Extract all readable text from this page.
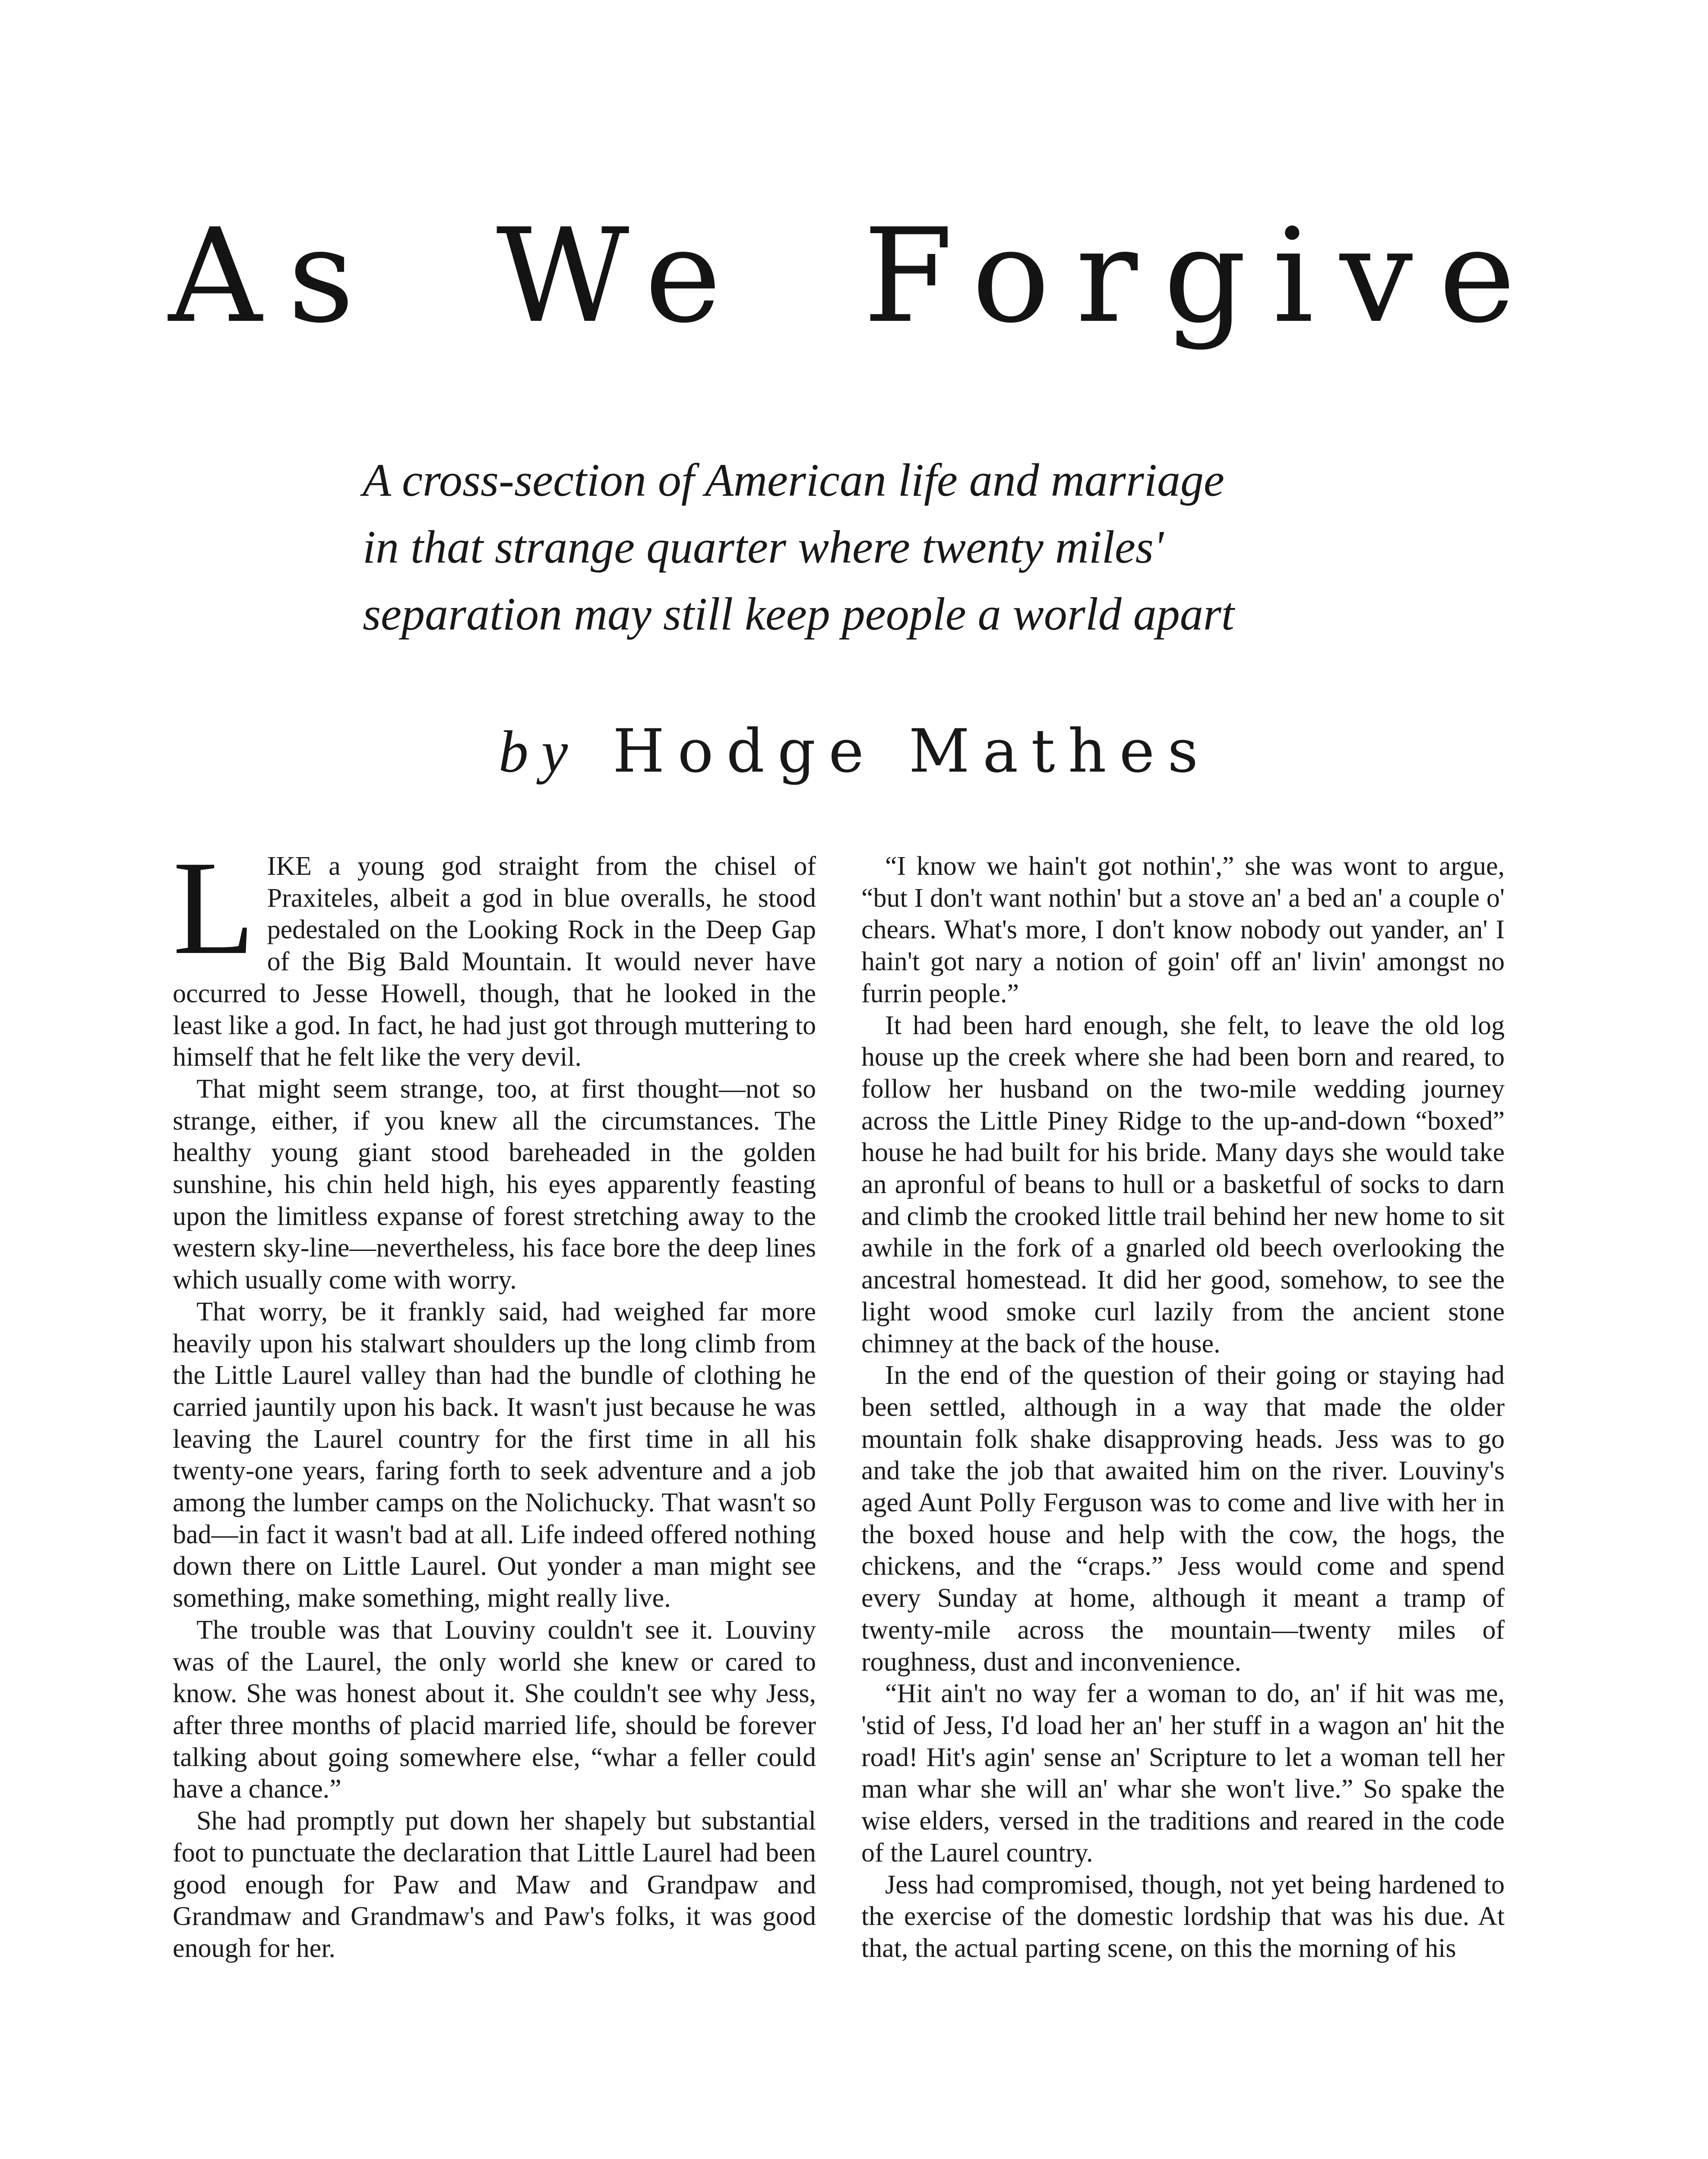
As We Forgive
A cross-section of American life and marriage
in that strange quarter where twenty miles'
separation may still keep people a world apart
by Hodge Mathes

LIKE a young god straight from the chisel of Praxiteles, albeit a god in blue overalls, he stood pedestaled on the Looking Rock in the Deep Gap of the Big Bald Mountain. It would never have occurred to Jesse Howell, though, that he looked in the least like a god. In fact, he had just got through muttering to himself that he felt like the very devil.

That might seem strange, too, at first thought—not so strange, either, if you knew all the circumstances. The healthy young giant stood bareheaded in the golden sunshine, his chin held high, his eyes apparently feasting upon the limitless expanse of forest stretching away to the western sky-line—nevertheless, his face bore the deep lines which usually come with worry.

That worry, be it frankly said, had weighed far more heavily upon his stalwart shoulders up the long climb from the Little Laurel valley than had the bundle of clothing he carried jauntily upon his back. It wasn't just because he was leaving the Laurel country for the first time in all his twenty-one years, faring forth to seek adventure and a job among the lumber camps on the Nolichucky. That wasn't so bad—in fact it wasn't bad at all. Life indeed offered nothing down there on Little Laurel. Out yonder a man might see something, make something, might really live.

The trouble was that Louviny couldn't see it. Louviny was of the Laurel, the only world she knew or cared to know. She was honest about it. She couldn't see why Jess, after three months of placid married life, should be forever talking about going somewhere else, “whar a feller could have a chance.”

She had promptly put down her shapely but substantial foot to punctuate the declaration that Little Laurel had been good enough for Paw and Maw and Grandpaw and Grandmaw and Grandmaw's and Paw's folks, it was good enough for her.

“I know we hain't got nothin',” she was wont to argue, “but I don't want nothin' but a stove an' a bed an' a couple o' chears. What's more, I don't know nobody out yander, an' I hain't got nary a notion of goin' off an' livin' amongst no furrin people.”

It had been hard enough, she felt, to leave the old log house up the creek where she had been born and reared, to follow her husband on the two-mile wedding journey across the Little Piney Ridge to the up-and-down “boxed” house he had built for his bride. Many days she would take an apronful of beans to hull or a basketful of socks to darn and climb the crooked little trail behind her new home to sit awhile in the fork of a gnarled old beech overlooking the ancestral homestead. It did her good, somehow, to see the light wood smoke curl lazily from the ancient stone chimney at the back of the house.

In the end of the question of their going or staying had been settled, although in a way that made the older mountain folk shake disapproving heads. Jess was to go and take the job that awaited him on the river. Louviny's aged Aunt Polly Ferguson was to come and live with her in the boxed house and help with the cow, the hogs, the chickens, and the “craps.” Jess would come and spend every Sunday at home, although it meant a tramp of twenty-mile across the mountain—twenty miles of roughness, dust and inconvenience.

“Hit ain't no way fer a woman to do, an' if hit was me, 'stid of Jess, I'd load her an' her stuff in a wagon an' hit the road! Hit's agin' sense an' Scripture to let a woman tell her man whar she will an' whar she won't live.” So spake the wise elders, versed in the traditions and reared in the code of the Laurel country.

Jess had compromised, though, not yet being hardened to the exercise of the domestic lordship that was his due. At that, the actual parting scene, on this the morning of his
